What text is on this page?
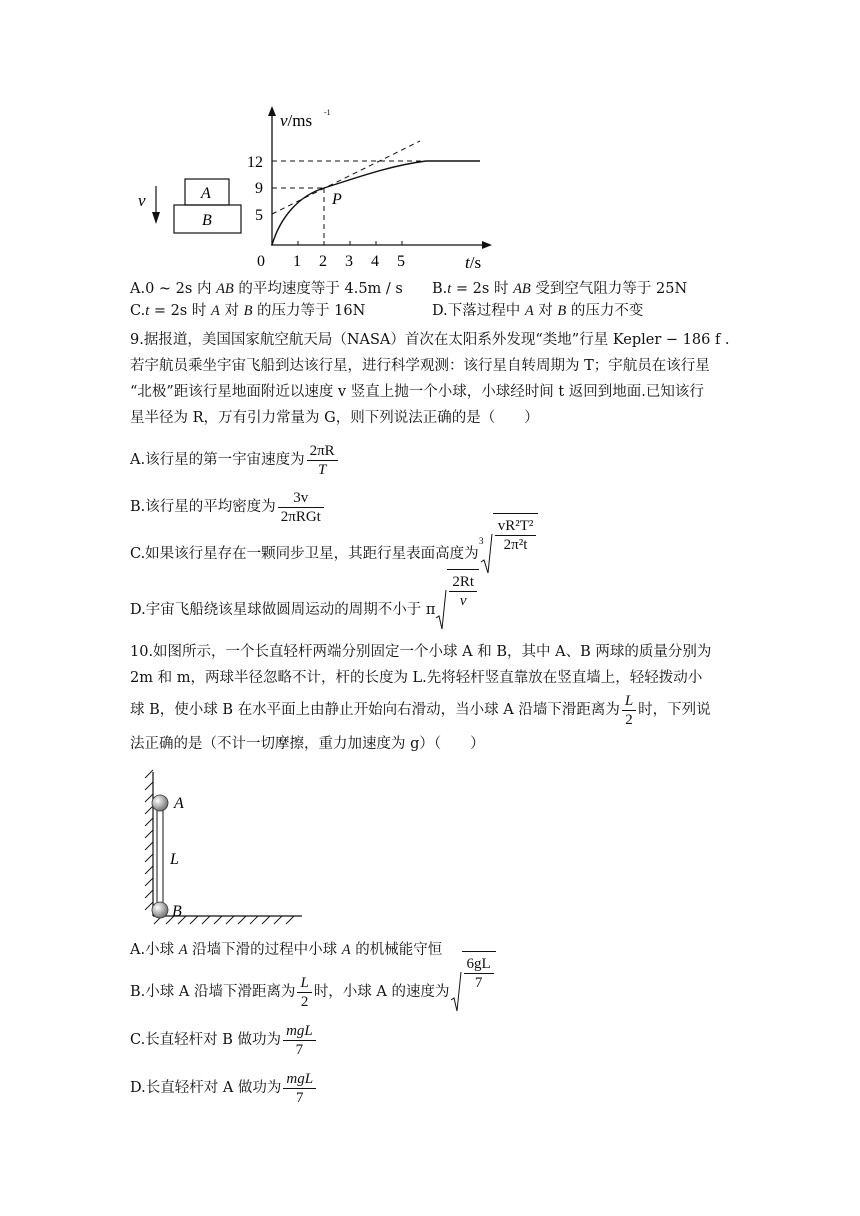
v	A
B
v/ms -1
t/s
12
9
5
0 1 2 3 4 5
P
A.0 ~ 2s 内 AB 的平均速度等于 4.5m / s B.t = 2s 时 AB 受到空气阻力等于 25N
C.t = 2s 时 A 对 B 的压力等于 16N	D.下落过程中 A 对 B 的压力不变
9.据报道，美国国家航空航天局（NASA）首次在太阳系外发现“类地”行星 Kepler − 186 f .
若宇航员乘坐宇宙飞船到达该行星，进行科学观测：该行星自转周期为 T；宇航员在该行星
“北极”距该行星地面附近以速度 v 竖直上抛一个小球，小球经时间 t 返回到地面.已知该行
星半径为 R，万有引力常量为 G，则下列说法正确的是（　　）
A.该行星的第一宇宙速度为 $\frac{2\pi R}{T}$
B.该行星的平均密度为 $\frac{3v}{\text{2πRGt}}$
C.如果该行星存在一颗同步卫星，其距行星表面高度为
$3 \frac{\text{vR²T²}}{\text{2π²t}}$
D.宇宙飞船绕该星球做圆周运动的周期不小于 π $\frac{2Rt}{v}$
10.如图所示，一个长直轻杆两端分别固定一个小球 A 和 B，其中 A、B 两球的质量分别为
2m 和 m，两球半径忽略不计，杆的长度为 L.先将轻杆竖直靠放在竖直墙上，轻轻拨动小
球 B，使小球 B 在水平面上由静止开始向右滑动，当小球 A 沿墙下滑距离为 $\frac{L}{2}$ 时，下列说
法正确的是（不计一切摩擦，重力加速度为 g）（　　）
A
B
L
A.小球 A 沿墙下滑的过程中小球 A 的机械能守恒
B.小球 A 沿墙下滑距离为 $\frac{L}{2}$ 时，小球 A 的速度为 $\frac{6gL}{7}$
C.长直轻杆对 B 做功为 $\frac{\text{mgL}}{7}$
D.长直轻杆对 A 做功为 $\frac{\text{mgL}}{7}$
